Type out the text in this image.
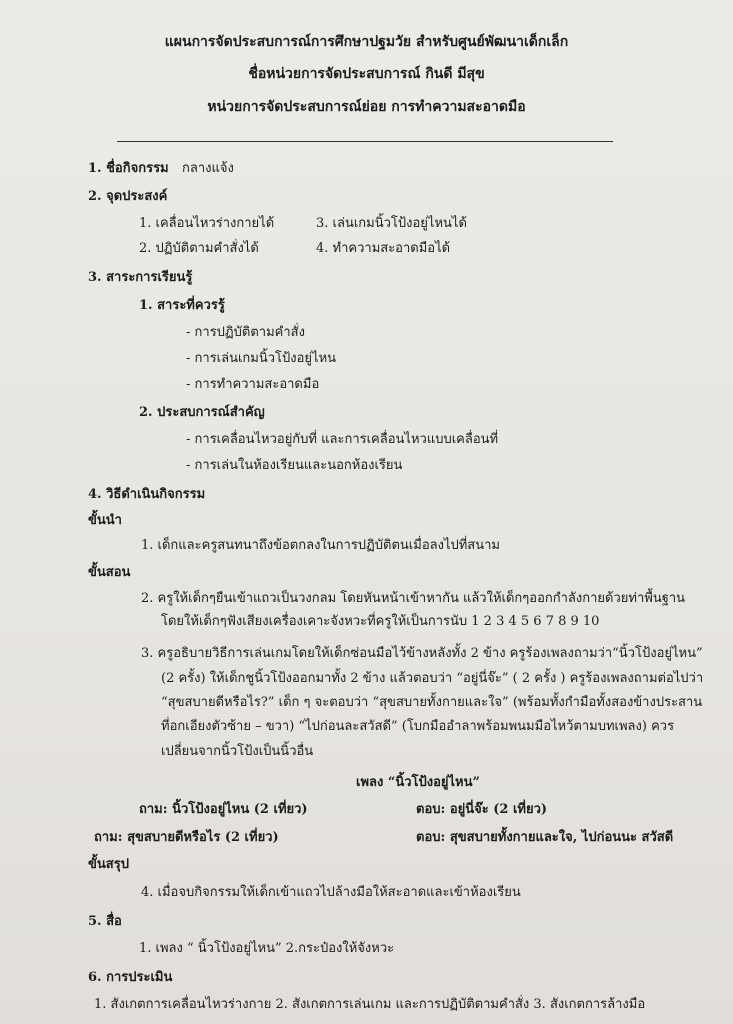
แผนการจัดประสบการณ์การศึกษาปฐมวัย สำหรับศูนย์พัฒนาเด็กเล็ก
ชื่อหน่วยการจัดประสบการณ์ กินดี มีสุข
หน่วยการจัดประสบการณ์ย่อย การทำความสะอาดมือ
1. ชื่อกิจกรรม กลางแจ้ง
2. จุดประสงค์
1. เคลื่อนไหวร่างกายได้	3. เล่นเกมนิ้วโป้งอยู่ไหนได้
2. ปฏิบัติตามคำสั่งได้	4. ทำความสะอาดมือได้
3. สาระการเรียนรู้
1. สาระที่ควรรู้
- การปฏิบัติตามคำสั่ง
- การเล่นเกมนิ้วโป้งอยู่ไหน
- การทำความสะอาดมือ
2. ประสบการณ์สำคัญ
- การเคลื่อนไหวอยู่กับที่ และการเคลื่อนไหวแบบเคลื่อนที่
- การเล่นในห้องเรียนและนอกห้องเรียน
4. วิธีดำเนินกิจกรรม
ขั้นนำ
1. เด็กและครูสนทนาถึงข้อตกลงในการปฏิบัติตนเมื่อลงไปที่สนาม
ขั้นสอน
2. ครูให้เด็กๆยืนเข้าแถวเป็นวงกลม โดยหันหน้าเข้าหากัน แล้วให้เด็กๆออกกำลังกายด้วยท่าพื้นฐาน
โดยให้เด็กๆฟังเสียงเครื่องเคาะจังหวะที่ครูให้เป็นการนับ 1 2 3 4 5 6 7 8 9 10
3. ครูอธิบายวิธีการเล่นเกมโดยให้เด็กซ่อนมือไว้ข้างหลังทั้ง 2 ข้าง ครูร้องเพลงถามว่า“นิ้วโป้งอยู่ไหน”
(2 ครั้ง) ให้เด็กชูนิ้วโป้งออกมาทั้ง 2 ข้าง แล้วตอบว่า “อยู่นี่จ๊ะ” ( 2 ครั้ง ) ครูร้องเพลงถามต่อไปว่า
“สุขสบายดีหรือไร?” เด็ก ๆ จะตอบว่า “สุขสบายทั้งกายและใจ” (พร้อมทั้งกำมือทั้งสองข้างประสาน
ที่อกเอียงตัวซ้าย – ขวา) “ไปก่อนละสวัสดี” (โบกมืออำลาพร้อมพนมมือไหว้ตามบทเพลง) ควร
เปลี่ยนจากนิ้วโป้งเป็นนิ้วอื่น
เพลง “นิ้วโป้งอยู่ไหน”
ถาม: นิ้วโป้งอยู่ไหน (2 เที่ยว)	ตอบ: อยู่นี่จ๊ะ (2 เที่ยว)
ถาม: สุขสบายดีหรือไร (2 เที่ยว)	ตอบ: สุขสบายทั้งกายและใจ, ไปก่อนนะ สวัสดี
ขั้นสรุป
4. เมื่อจบกิจกรรมให้เด็กเข้าแถวไปล้างมือให้สะอาดและเข้าห้องเรียน
5. สื่อ
1. เพลง “ นิ้วโป้งอยู่ไหน” 2.กระป๋องให้จังหวะ
6. การประเมิน
1. สังเกตการเคลื่อนไหวร่างกาย 2. สังเกตการเล่นเกม และการปฏิบัติตามคำสั่ง 3. สังเกตการล้างมือ
